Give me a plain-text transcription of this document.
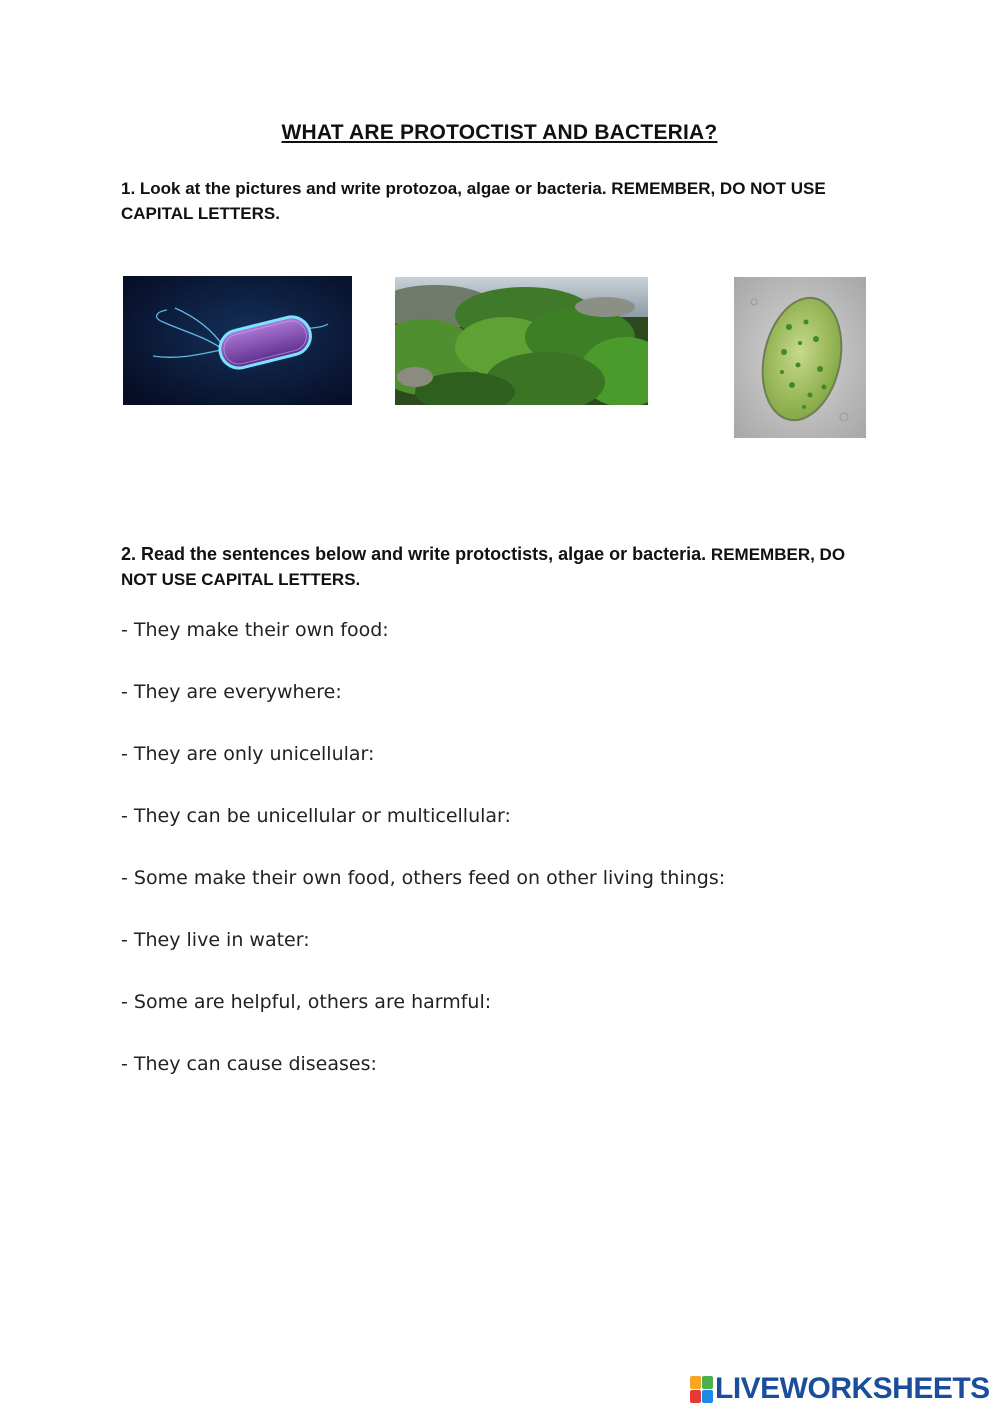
WHAT ARE PROTOCTIST AND BACTERIA?
1. Look at the pictures and write protozoa, algae or bacteria. REMEMBER, DO NOT USE CAPITAL LETTERS.
2. Read the sentences below and write protoctists, algae or bacteria. REMEMBER, DO NOT USE CAPITAL LETTERS.
- They make their own food:
- They are everywhere:
- They are only unicellular:
- They can be unicellular or multicellular:
- Some make their own food, others feed on other living things:
- They live in water:
- Some are helpful, others are harmful:
- They can cause diseases:
LIVEWORKSHEETS
